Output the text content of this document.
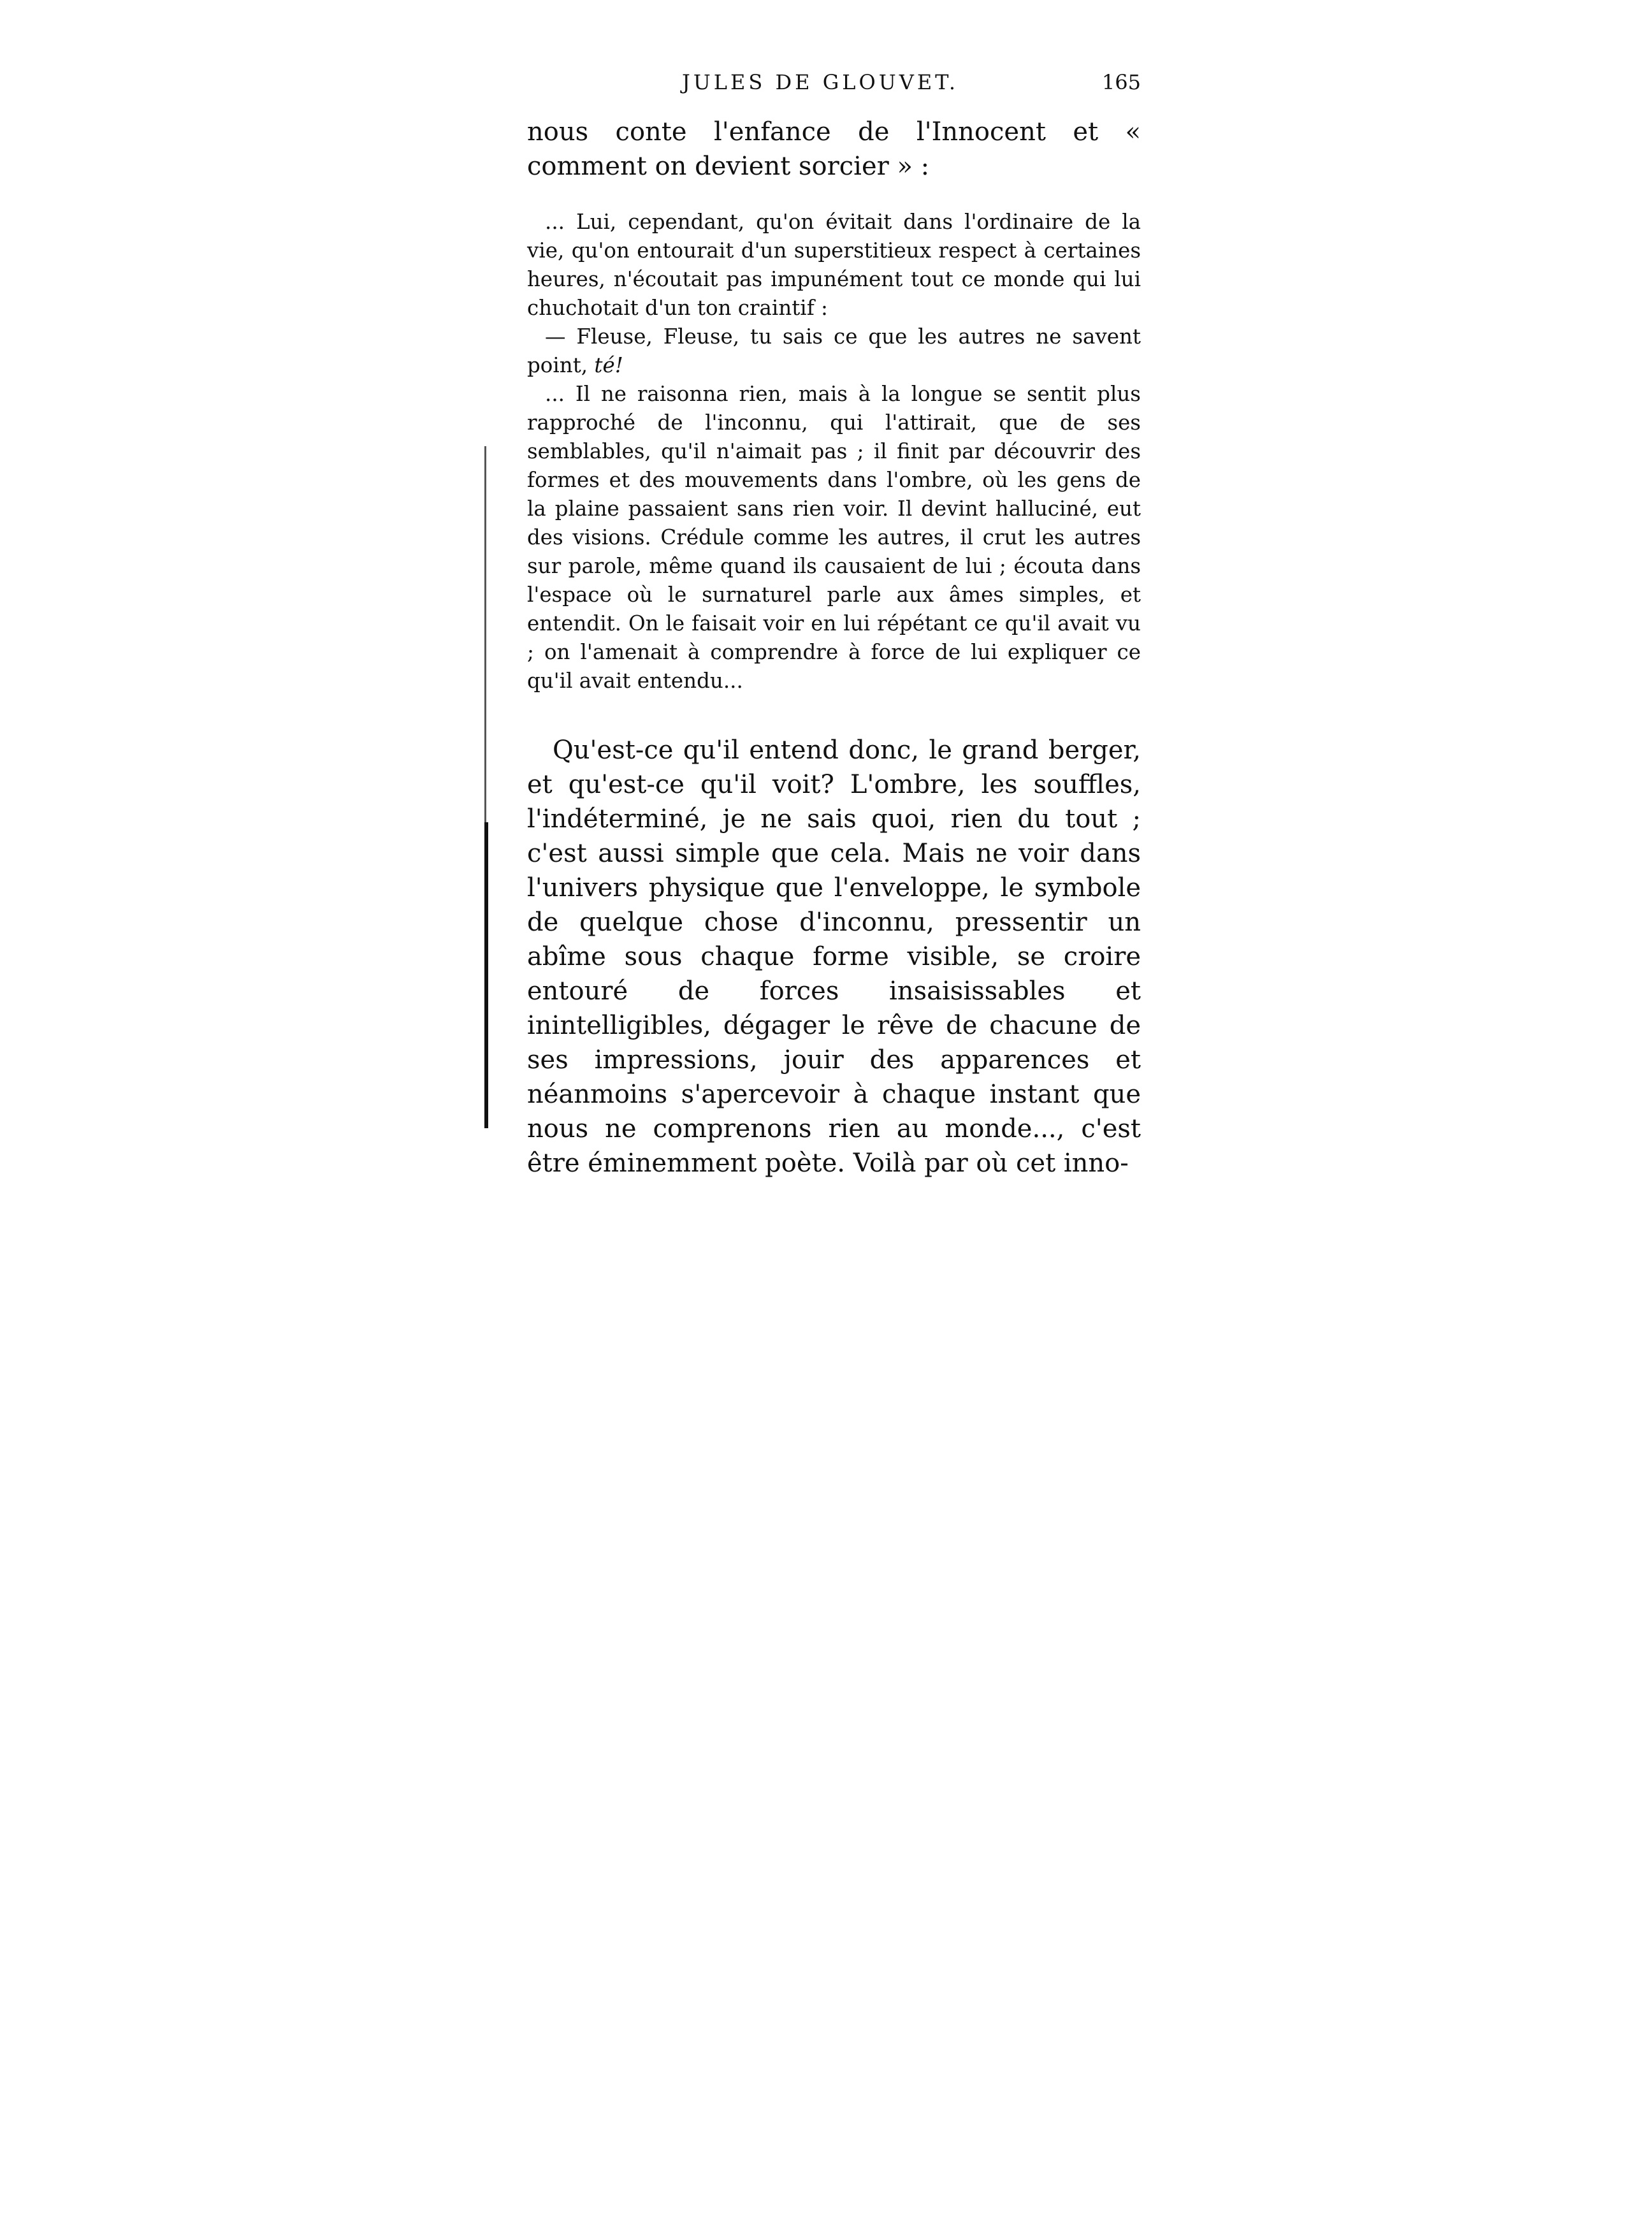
JULES DE GLOUVET.	165

nous conte l'enfance de l'Innocent et « comment on devient sorcier » :

... Lui, cependant, qu'on évitait dans l'ordinaire de la vie, qu'on entourait d'un superstitieux respect à certaines heures, n'écoutait pas impunément tout ce monde qui lui chuchotait d'un ton craintif :

— Fleuse, Fleuse, tu sais ce que les autres ne savent point, té!

... Il ne raisonna rien, mais à la longue se sentit plus rapproché de l'inconnu, qui l'attirait, que de ses semblables, qu'il n'aimait pas ; il finit par découvrir des formes et des mouvements dans l'ombre, où les gens de la plaine passaient sans rien voir. Il devint halluciné, eut des visions. Crédule comme les autres, il crut les autres sur parole, même quand ils causaient de lui ; écouta dans l'espace où le surnaturel parle aux âmes simples, et entendit. On le faisait voir en lui répétant ce qu'il avait vu ; on l'amenait à comprendre à force de lui expliquer ce qu'il avait entendu...

Qu'est-ce qu'il entend donc, le grand berger, et qu'est-ce qu'il voit? L'ombre, les souffles, l'indéterminé, je ne sais quoi, rien du tout ; c'est aussi simple que cela. Mais ne voir dans l'univers physique que l'enveloppe, le symbole de quelque chose d'inconnu, pressentir un abîme sous chaque forme visible, se croire entouré de forces insaisissables et inintelligibles, dégager le rêve de chacune de ses impressions, jouir des apparences et néanmoins s'apercevoir à chaque instant que nous ne comprenons rien au monde..., c'est être éminemment poète. Voilà par où cet inno-
